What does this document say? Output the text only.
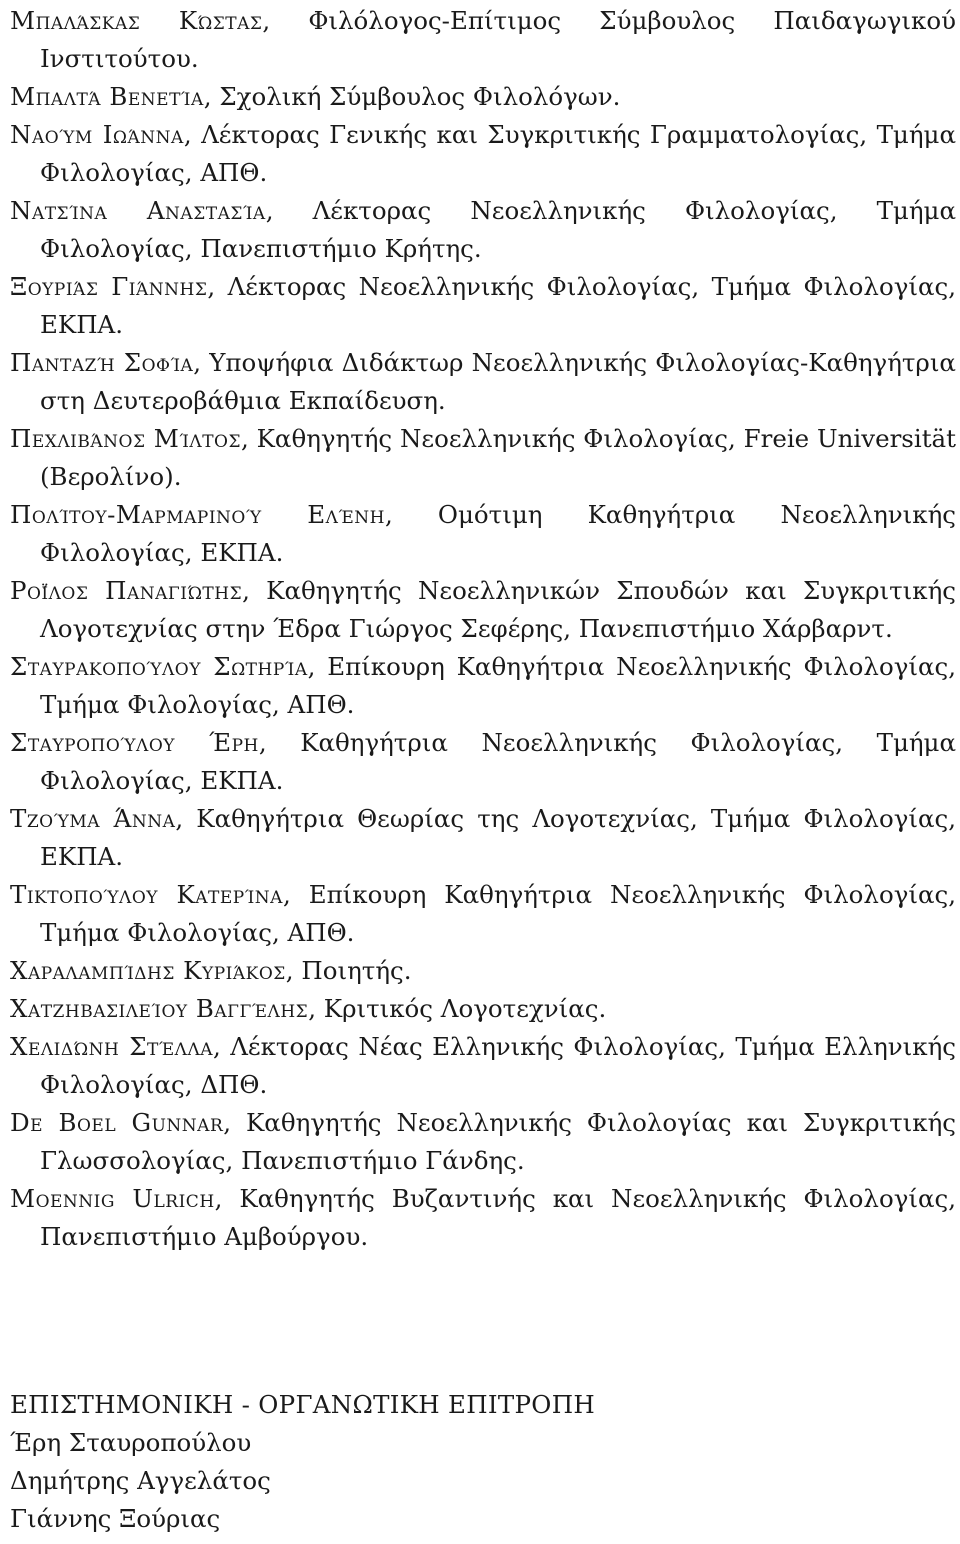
Μπαλάσκας Κώστας, Φιλόλογος-Επίτιμος Σύμβουλος Παιδαγωγικού Ινστιτούτου.

Μπαλτά Βενετία, Σχολική Σύμβουλος Φιλολόγων.

Ναούμ Ιωάννα, Λέκτορας Γενικής και Συγκριτικής Γραμματολογίας, Τμήμα Φιλολογίας, ΑΠΘ.

Νατσίνα Αναστασία, Λέκτορας Νεοελληνικής Φιλολογίας, Τμήμα Φιλολογίας, Πανεπιστήμιο Κρήτης.

Ξουριάς Γιάννης, Λέκτορας Νεοελληνικής Φιλολογίας, Τμήμα Φιλολογίας, ΕΚΠΑ.

Πανταζή Σοφία, Υποψήφια Διδάκτωρ Νεοελληνικής Φιλολογίας-Καθηγήτρια στη Δευτεροβάθμια Εκπαίδευση.

Πεχλιβάνος Μίλτος, Καθηγητής Νεοελληνικής Φιλολογίας, Freie Universität (Βερολίνο).

Πολίτου-Μαρμαρινού Ελένη, Ομότιμη Καθηγήτρια Νεοελληνικής Φιλολογίας, ΕΚΠΑ.

Ροΐλος Παναγιώτης, Καθηγητής Νεοελληνικών Σπουδών και Συγκριτικής Λογοτεχνίας στην Έδρα Γιώργος Σεφέρης, Πανεπιστήμιο Χάρβαρντ.

Σταυρακοπούλου Σωτηρία, Επίκουρη Καθηγήτρια Νεοελληνικής Φιλολογίας, Τμήμα Φιλολογίας, ΑΠΘ.

Σταυροπούλου Έρη, Καθηγήτρια Νεοελληνικής Φιλολογίας, Τμήμα Φιλολογίας, ΕΚΠΑ.

Τζούμα Άννα, Καθηγήτρια Θεωρίας της Λογοτεχνίας, Τμήμα Φιλολογίας, ΕΚΠΑ.

Τικτοπούλου Κατερίνα, Επίκουρη Καθηγήτρια Νεοελληνικής Φιλολογίας, Τμήμα Φιλολογίας, ΑΠΘ.

Χαραλαμπίδης Κυριάκος, Ποιητής.

Χατζηβασιλείου Βαγγέλης, Κριτικός Λογοτεχνίας.

Χελιδώνη Στέλλα, Λέκτορας Νέας Ελληνικής Φιλολογίας, Τμήμα Ελληνικής Φιλολογίας, ΔΠΘ.

De Boel Gunnar, Καθηγητής Νεοελληνικής Φιλολογίας και Συγκριτικής Γλωσσολογίας, Πανεπιστήμιο Γάνδης.

Moennig Ulrich, Καθηγητής Βυζαντινής και Νεοελληνικής Φιλολογίας, Πανεπιστήμιο Αμβούργου.

ΕΠΙΣΤΗΜΟΝΙΚΗ - ΟΡΓΑΝΩΤΙΚΗ ΕΠΙΤΡΟΠΗ
Έρη Σταυροπούλου
Δημήτρης Αγγελάτος
Γιάννης Ξούριας
